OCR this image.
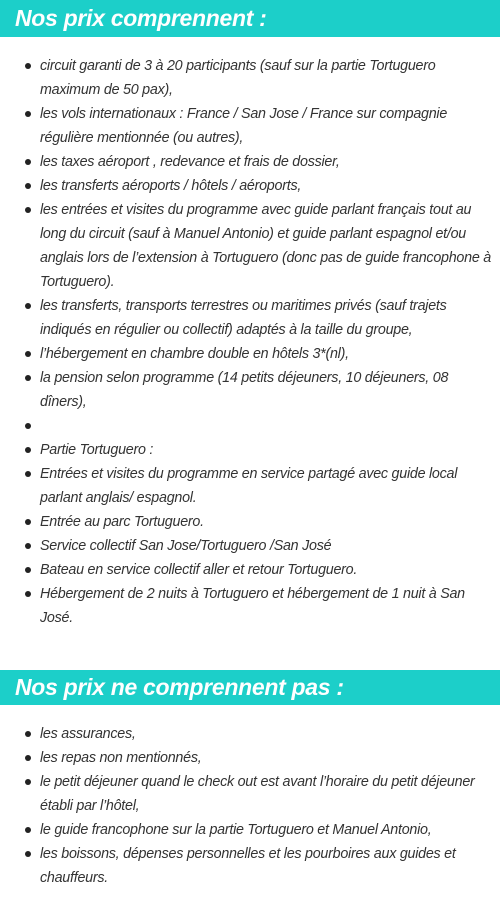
Nos prix comprennent :
circuit garanti de 3 à 20 participants (sauf sur la partie Tortuguero maximum de 50 pax),
les vols internationaux : France / San Jose / France sur compagnie régulière mentionnée (ou autres),
les taxes aéroport , redevance et frais de dossier,
les transferts aéroports / hôtels / aéroports,
les entrées et visites du programme avec guide parlant français tout au long du circuit (sauf à Manuel Antonio) et guide parlant espagnol et/ou anglais lors de l’extension à Tortuguero (donc pas de guide francophone à Tortuguero).
les transferts, transports terrestres ou maritimes privés (sauf trajets indiqués en régulier ou collectif) adaptés à la taille du groupe,
l’hébergement en chambre double en hôtels 3*(nl),
la pension selon programme (14 petits déjeuners, 10 déjeuners, 08 dîners),
Partie Tortuguero :
Entrées et visites du programme en service partagé avec guide local parlant anglais/ espagnol.
Entrée au parc Tortuguero.
Service collectif San Jose/Tortuguero /San José
Bateau en service collectif aller et retour Tortuguero.
Hébergement de 2 nuits à Tortuguero et hébergement de 1 nuit à San José.
Nos prix ne comprennent pas :
les assurances,
les repas non mentionnés,
le petit déjeuner quand le check out est avant l’horaire du petit déjeuner établi par l’hôtel,
le guide francophone sur la partie Tortuguero et Manuel Antonio,
les boissons, dépenses personnelles et les pourboires aux guides et chauffeurs.
